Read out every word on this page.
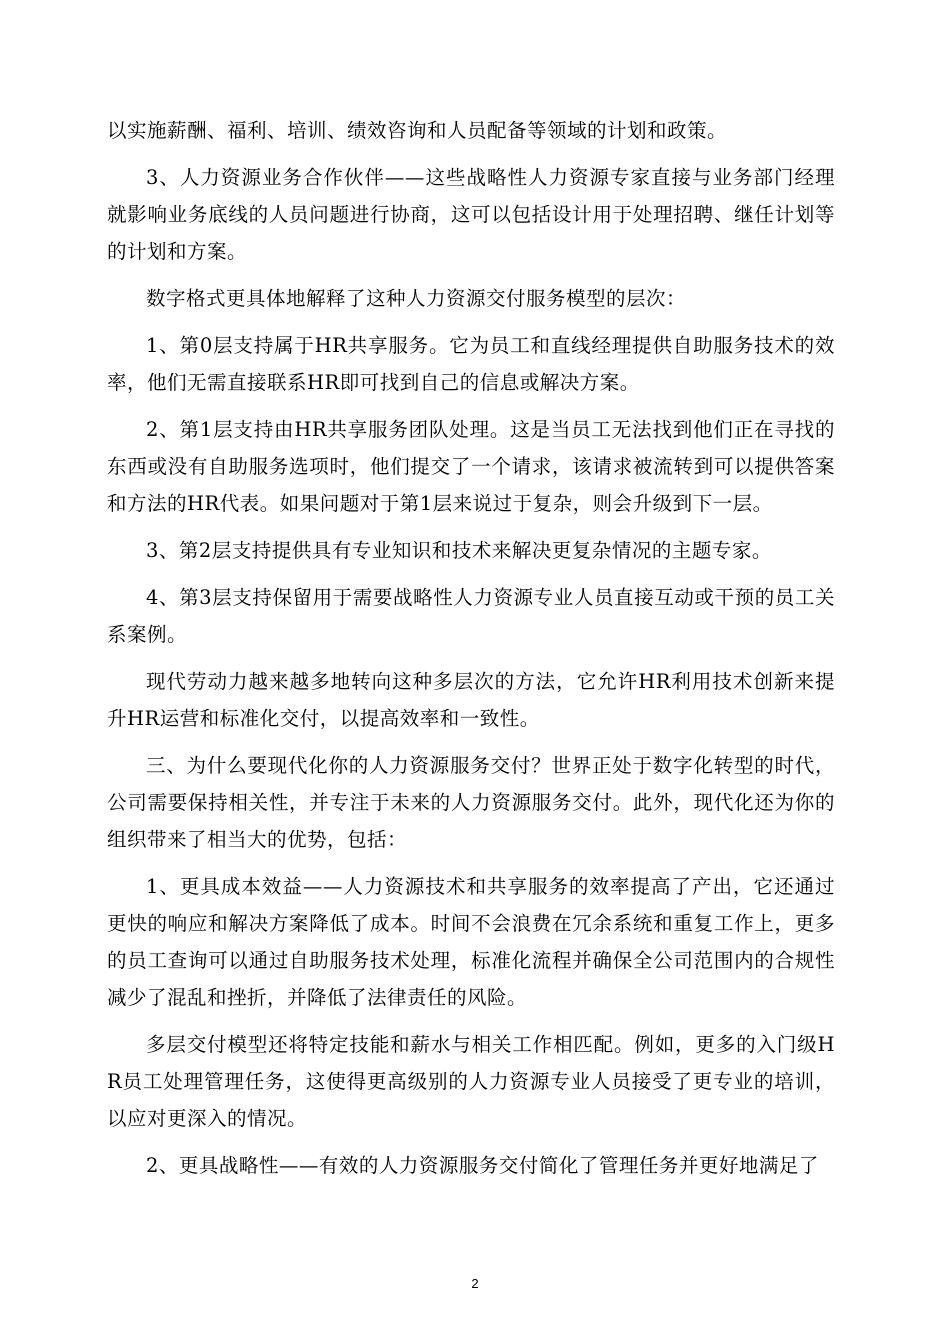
以实施薪酬、福利、培训、绩效咨询和人员配备等领域的计划和政策。

3、人力资源业务合作伙伴——这些战略性人力资源专家直接与业务部门经理就影响业务底线的人员问题进行协商，这可以包括设计用于处理招聘、继任计划等的计划和方案。

数字格式更具体地解释了这种人力资源交付服务模型的层次：

1、第0层支持属于HR共享服务。它为员工和直线经理提供自助服务技术的效率，他们无需直接联系HR即可找到自己的信息或解决方案。

2、第1层支持由HR共享服务团队处理。这是当员工无法找到他们正在寻找的东西或没有自助服务选项时，他们提交了一个请求，该请求被流转到可以提供答案和方法的HR代表。如果问题对于第1层来说过于复杂，则会升级到下一层。

3、第2层支持提供具有专业知识和技术来解决更复杂情况的主题专家。

4、第3层支持保留用于需要战略性人力资源专业人员直接互动或干预的员工关系案例。

现代劳动力越来越多地转向这种多层次的方法，它允许HR利用技术创新来提升HR运营和标准化交付，以提高效率和一致性。

三、为什么要现代化你的人力资源服务交付？世界正处于数字化转型的时代，公司需要保持相关性，并专注于未来的人力资源服务交付。此外，现代化还为你的组织带来了相当大的优势，包括：

1、更具成本效益——人力资源技术和共享服务的效率提高了产出，它还通过更快的响应和解决方案降低了成本。时间不会浪费在冗余系统和重复工作上，更多的员工查询可以通过自助服务技术处理，标准化流程并确保全公司范围内的合规性减少了混乱和挫折，并降低了法律责任的风险。

多层交付模型还将特定技能和薪水与相关工作相匹配。例如，更多的入门级HR员工处理管理任务，这使得更高级别的人力资源专业人员接受了更专业的培训，以应对更深入的情况。

2、更具战略性——有效的人力资源服务交付简化了管理任务并更好地满足了

2
